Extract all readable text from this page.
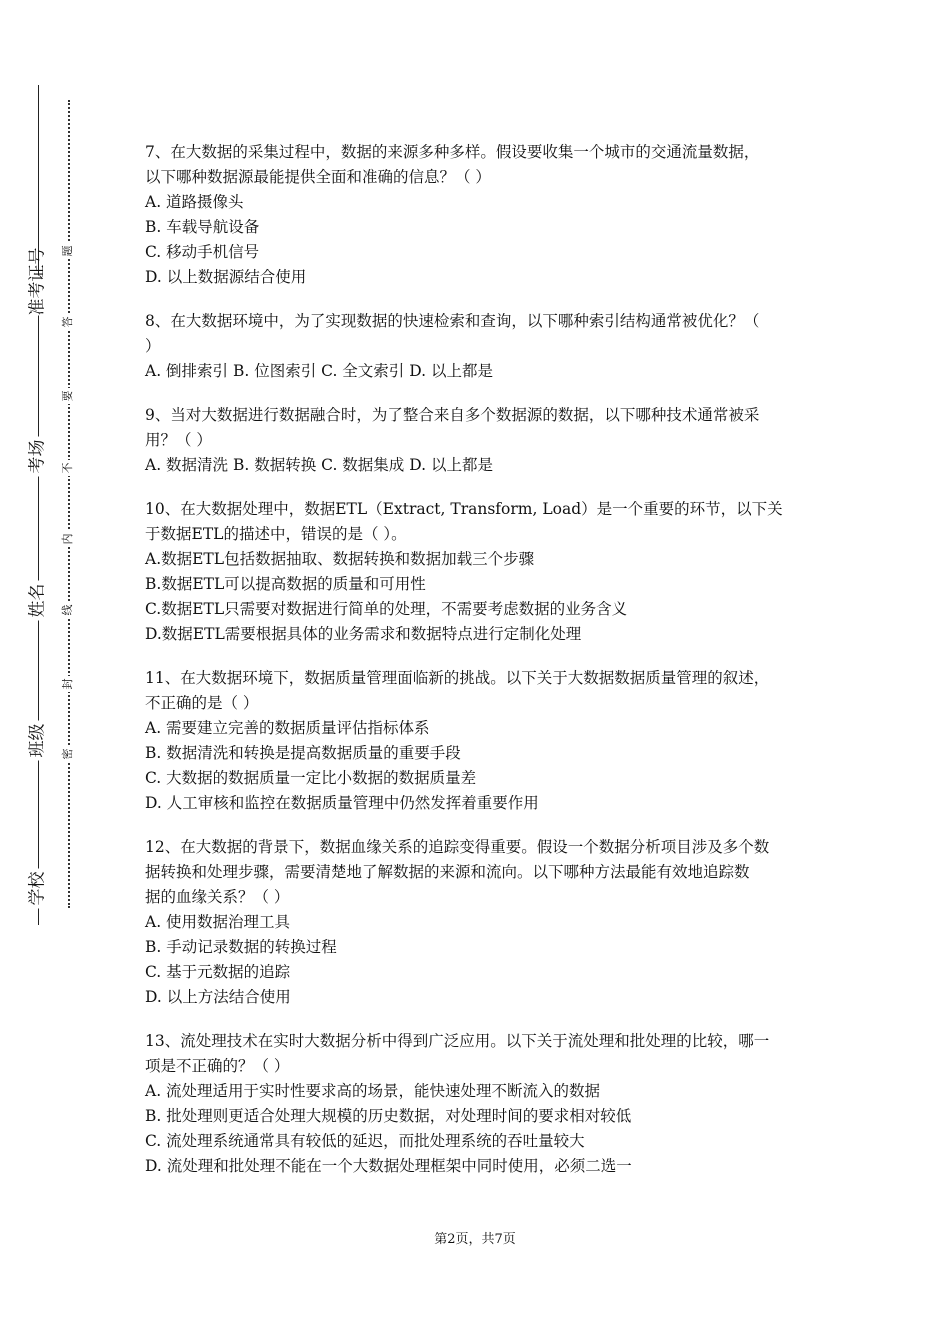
准考证号
考场
姓名
班级
学校
题
答
要
不
内
线
封
密
7、在大数据的采集过程中，数据的来源多种多样。假设要收集一个城市的交通流量数据，
以下哪种数据源最能提供全面和准确的信息？（ ）
A. 道路摄像头
B. 车载导航设备
C. 移动手机信号
D. 以上数据源结合使用
8、在大数据环境中，为了实现数据的快速检索和查询，以下哪种索引结构通常被优化？（
）
A. 倒排索引 B. 位图索引 C. 全文索引 D. 以上都是
9、当对大数据进行数据融合时，为了整合来自多个数据源的数据，以下哪种技术通常被采
用？（ ）
A. 数据清洗 B. 数据转换 C. 数据集成 D. 以上都是
10、在大数据处理中，数据ETL（Extract, Transform, Load）是一个重要的环节，以下关
于数据ETL的描述中，错误的是（ ）。
A.数据ETL包括数据抽取、数据转换和数据加载三个步骤
B.数据ETL可以提高数据的质量和可用性
C.数据ETL只需要对数据进行简单的处理，不需要考虑数据的业务含义
D.数据ETL需要根据具体的业务需求和数据特点进行定制化处理
11、在大数据环境下，数据质量管理面临新的挑战。以下关于大数据数据质量管理的叙述，
不正确的是（ ）
A. 需要建立完善的数据质量评估指标体系
B. 数据清洗和转换是提高数据质量的重要手段
C. 大数据的数据质量一定比小数据的数据质量差
D. 人工审核和监控在数据质量管理中仍然发挥着重要作用
12、在大数据的背景下，数据血缘关系的追踪变得重要。假设一个数据分析项目涉及多个数
据转换和处理步骤，需要清楚地了解数据的来源和流向。以下哪种方法最能有效地追踪数
据的血缘关系？（ ）
A. 使用数据治理工具
B. 手动记录数据的转换过程
C. 基于元数据的追踪
D. 以上方法结合使用
13、流处理技术在实时大数据分析中得到广泛应用。以下关于流处理和批处理的比较，哪一
项是不正确的？（ ）
A. 流处理适用于实时性要求高的场景，能快速处理不断流入的数据
B. 批处理则更适合处理大规模的历史数据，对处理时间的要求相对较低
C. 流处理系统通常具有较低的延迟，而批处理系统的吞吐量较大
D. 流处理和批处理不能在一个大数据处理框架中同时使用，必须二选一
第2页，共7页
